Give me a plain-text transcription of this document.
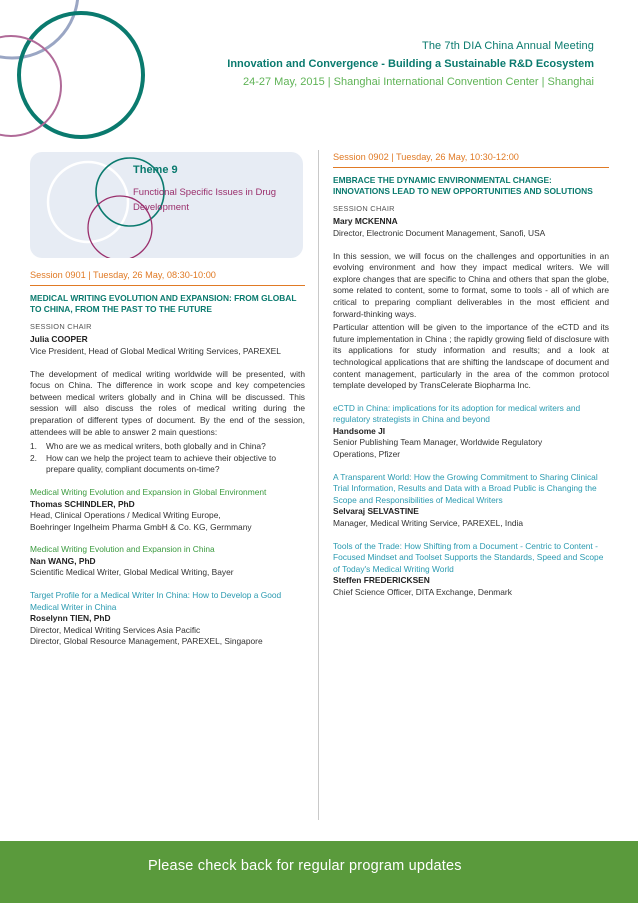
The 7th DIA China Annual Meeting
Innovation and Convergence - Building a Sustainable R&D Ecosystem
24-27 May, 2015 | Shanghai International Convention Center | Shanghai
Theme 9
Functional Specific Issues in Drug Development
Session 0901 | Tuesday, 26 May, 08:30-10:00
MEDICAL WRITING EVOLUTION AND EXPANSION: FROM GLOBAL TO CHINA, FROM THE PAST TO THE FUTURE
SESSION CHAIR
Julia COOPER
Vice President, Head of Global Medical Writing Services, PAREXEL
The development of medical writing worldwide will be presented, with focus on China. The difference in work scope and key competencies between medical writers globally and in China will be discussed. This session will also discuss the roles of medical writing during the preparation of different types of document. By the end of the session, attendees will be able to answer 2 main questions:
1.	Who are we as medical writers, both globally and in China?
2.	How can we help the project team to achieve their objective to prepare quality, compliant documents on-time?
Medical Writing Evolution and Expansion in Global Environment
Thomas SCHINDLER, PhD
Head, Clinical Operations / Medical Writing Europe,
Boehringer Ingelheim Pharma GmbH & Co. KG, Germmany
Medical Writing Evolution and Expansion in China
Nan WANG, PhD
Scientific Medical Writer, Global Medical Writing, Bayer
Target Profile for a Medical Writer In China: How to Develop a Good Medical Writer in China
Roselynn TIEN, PhD
Director, Medical Writing Services Asia Pacific
Director, Global Resource Management, PAREXEL, Singapore
Session 0902 | Tuesday, 26 May, 10:30-12:00
EMBRACE THE DYNAMIC ENVIRONMENTAL CHANGE: INNOVATIONS LEAD TO NEW OPPORTUNITIES AND SOLUTIONS
SESSION CHAIR
Mary MCKENNA
Director, Electronic Document Management, Sanofi, USA
In this session, we will focus on the challenges and opportunities in an evolving environment and how they impact medical writers. We will explore changes that are specific to China and others that span the globe, some related to content, some to format, some to tools - all of which are critical to preparing compliant deliverables in the most efficient and forward-thinking ways.
Particular attention will be given to the importance of the eCTD and its future implementation in China ; the rapidly growing field of disclosure with its applications for study information and results; and a look at technological applications that are shifting the landscape of document and content management, particularly in the area of the common protocol template developed by TransCelerate Biopharma Inc.
eCTD in China: implications for its adoption for medical writers and regulatory strategists in China and beyond
Handsome JI
Senior Publishing Team Manager, Worldwide Regulatory
Operations, Pfizer
A Transparent World: How the Growing Commitment to Sharing Clinical Trial Information, Results and Data with a Broad Public is Changing the Scope and Responsibilities of Medical Writers
Selvaraj SELVASTINE
Manager, Medical Writing Service, PAREXEL, India
Tools of the Trade: How Shifting from a Document - Centric to Content - Focused Mindset and Toolset Supports the Standards, Speed and Scope of Today's Medical Writing World
Steffen FREDERICKSEN
Chief Science Officer, DITA Exchange, Denmark
Please check back for regular program updates
